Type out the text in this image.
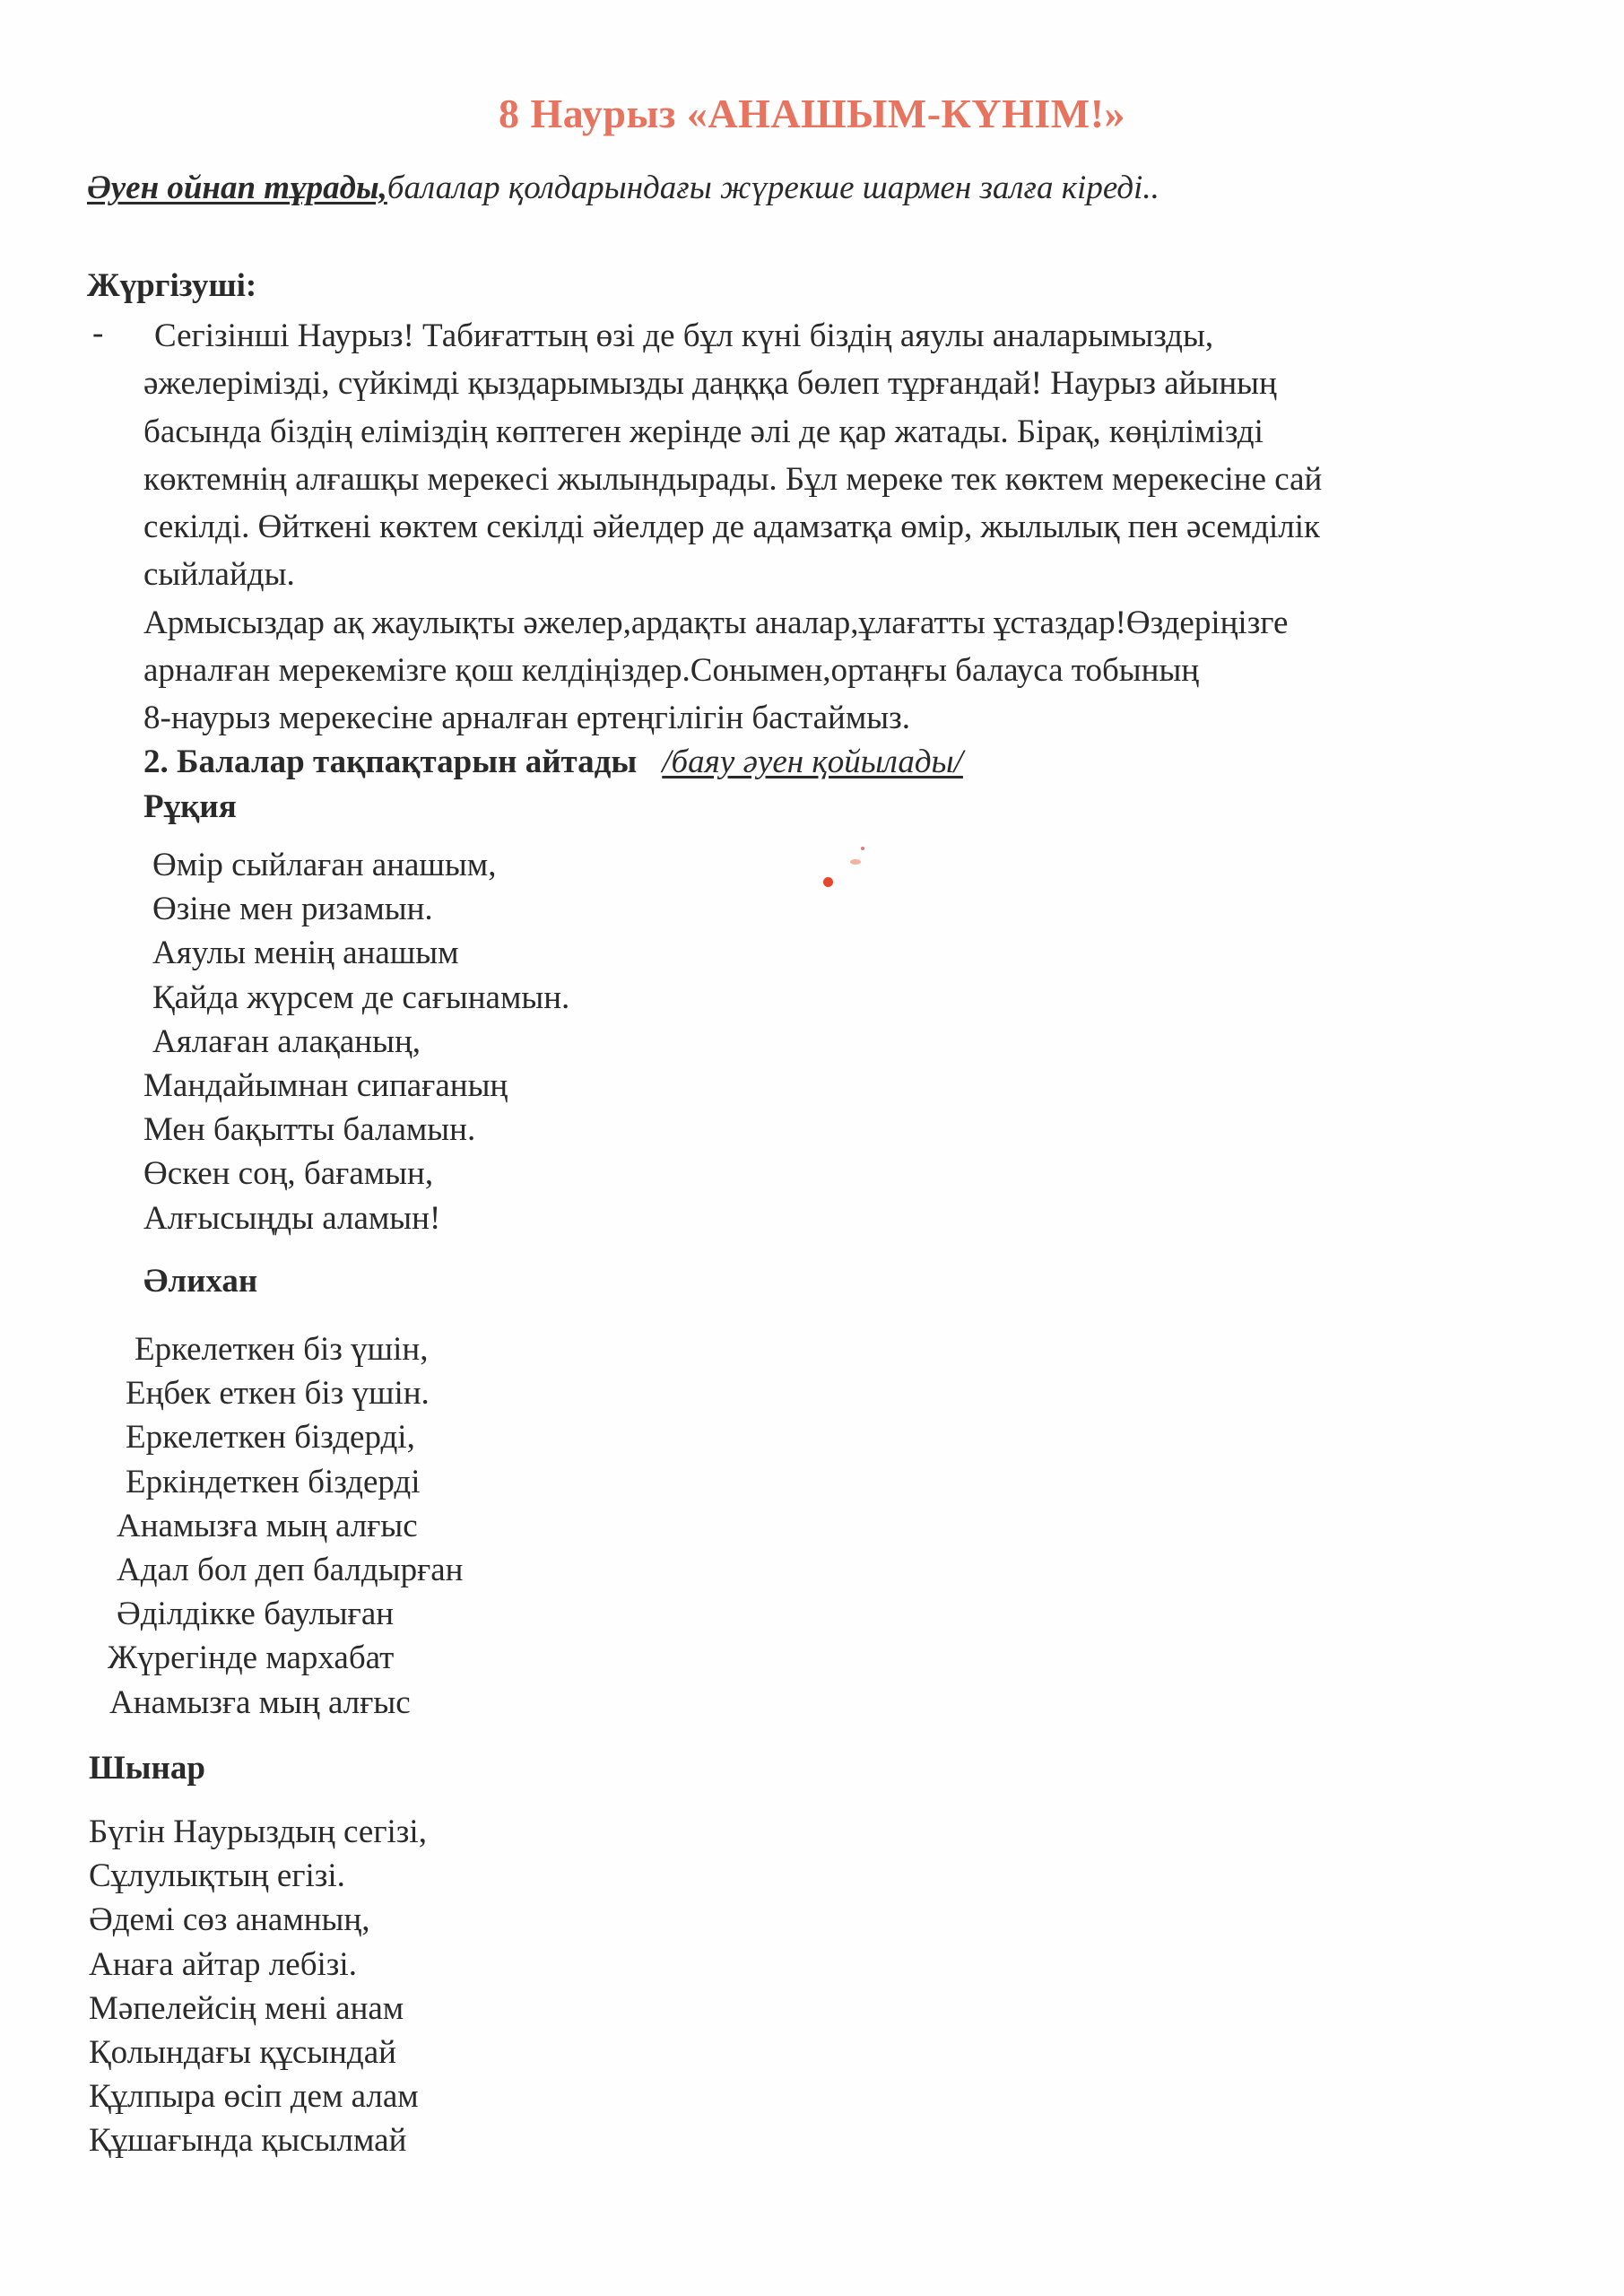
8 Наурыз «АНАШЫМ-КҮНІМ!»
Әуен ойнап тұрады,балалар қолдарындағы жүрекше шармен залға кіреді..
Жүргізуші:
-	Сегізінші Наурыз! Табиғаттың өзі де бұл күні біздің аяулы аналарымызды,

әжелерімізді, сүйкімді қыздарымызды даңққа бөлеп тұрғандай! Наурыз айының

басында біздің еліміздің көптеген жерінде әлі де қар жатады. Бірақ, көңілімізді

көктемнің алғашқы мерекесі жылындырады. Бұл мереке тек көктем мерекесіне сай

секілді. Өйткені көктем секілді әйелдер де адамзатқа өмір, жылылық пен әсемділік

сыйлайды.

Армысыздар ақ жаулықты әжелер,ардақты аналар,ұлағатты ұстаздар!Өздеріңізге

арналған мерекемізге қош келдіңіздер.Сонымен,ортаңғы балауса тобының

8-наурыз мерекесіне арналған ертеңгілігін бастаймыз.

2. Балалар тақпақтарын айтады /баяу әуен қойылады/
Рұқия
Өмір сыйлаған анашым,
Өзіне мен ризамын.
Аяулы менің анашым
Қайда жүрсем де сағынамын.
Аялаған алақаның,
Мандайымнан сипағаның
Мен бақытты баламын.
Өскен соң, бағамын,
Алғысыңды аламын!
Әлихан
Еркелеткен біз үшін,
Еңбек еткен біз үшін.
Еркелеткен біздерді,
Еркіндеткен біздерді
Анамызға мың алғыс
Адал бол деп балдырған
Әділдікке баулыған
Жүрегінде мархабат
Анамызға мың алғыс
Шынар
Бүгін Наурыздың сегізі,
Сұлулықтың егізі.
Әдемі сөз анамның,
Анаға айтар лебізі.
Мәпелейсің мені анам
Қолындағы құсындай
Құлпыра өсіп дем алам
Құшағында қысылмай
